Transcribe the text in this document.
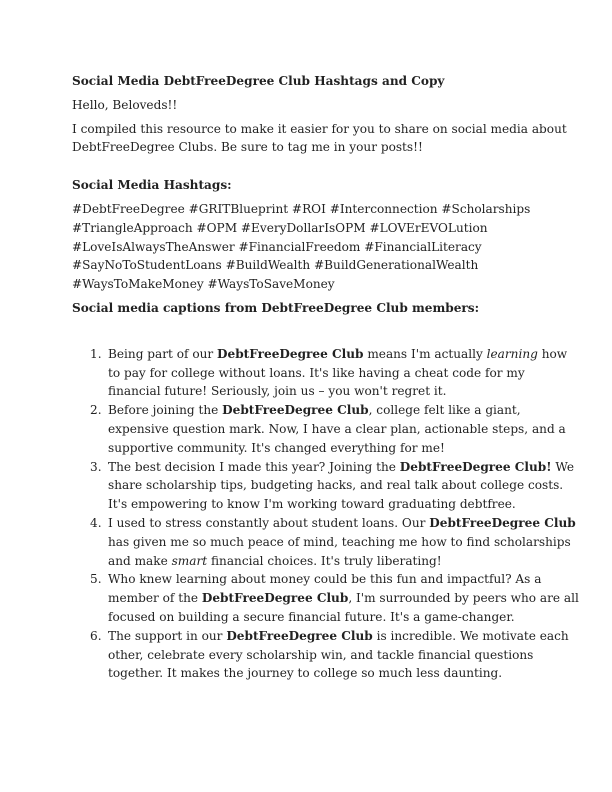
Social Media DebtFreeDegree Club Hashtags and Copy
Hello, Beloveds!!
I compiled this resource to make it easier for you to share on social media about
DebtFreeDegree Clubs. Be sure to tag me in your posts!!
Social Media Hashtags:
#DebtFreeDegree #GRITBlueprint #ROI #Interconnection #Scholarships
#TriangleApproach #OPM #EveryDollarIsOPM #LOVErEVOLution
#LoveIsAlwaysTheAnswer #FinancialFreedom #FinancialLiteracy
#SayNoToStudentLoans #BuildWealth #BuildGenerationalWealth
#WaysToMakeMoney #WaysToSaveMoney
Social media captions from DebtFreeDegree Club members:
1. Being part of our DebtFreeDegree Club means I'm actually learning how
to pay for college without loans. It's like having a cheat code for my
financial future! Seriously, join us – you won't regret it.
2. Before joining the DebtFreeDegree Club, college felt like a giant,
expensive question mark. Now, I have a clear plan, actionable steps, and a
supportive community. It's changed everything for me!
3. The best decision I made this year? Joining the DebtFreeDegree Club! We
share scholarship tips, budgeting hacks, and real talk about college costs.
It's empowering to know I'm working toward graduating debtfree.
4. I used to stress constantly about student loans. Our DebtFreeDegree Club
has given me so much peace of mind, teaching me how to find scholarships
and make smart financial choices. It's truly liberating!
5. Who knew learning about money could be this fun and impactful? As a
member of the DebtFreeDegree Club, I'm surrounded by peers who are all
focused on building a secure financial future. It's a game-changer.
6. The support in our DebtFreeDegree Club is incredible. We motivate each
other, celebrate every scholarship win, and tackle financial questions
together. It makes the journey to college so much less daunting.
